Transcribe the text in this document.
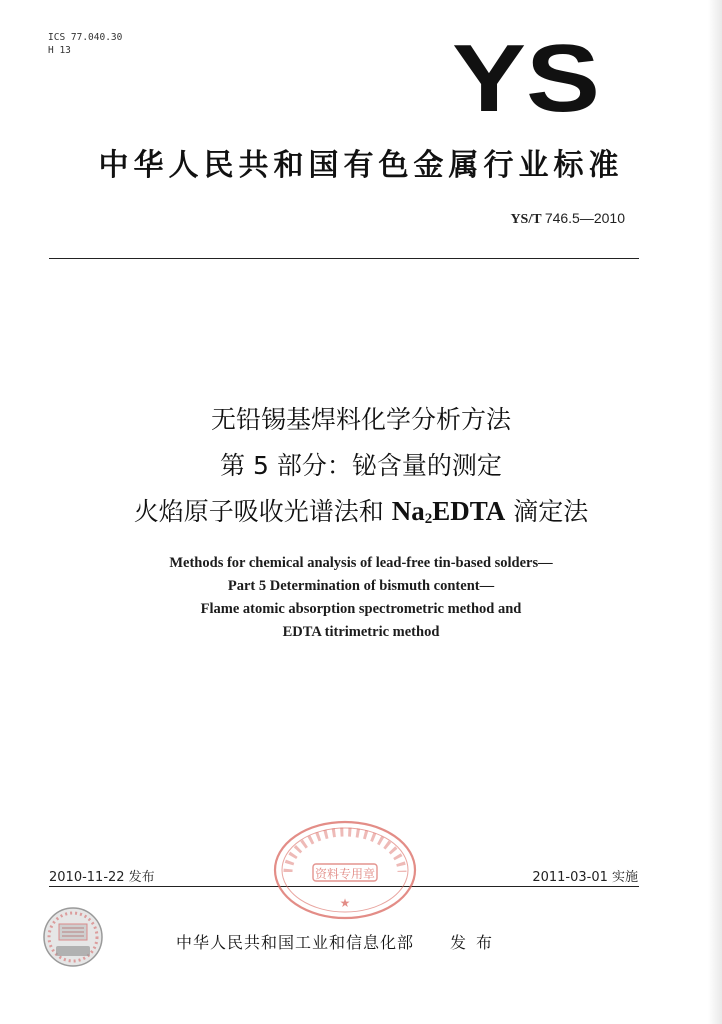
ICS 77.040.30
H 13	YS
中华人民共和国有色金属行业标准
YS/T 746.5—2010
无铅锡基焊料化学分析方法
第 5 部分：铋含量的测定
火焰原子吸收光谱法和 $Na_2EDTA$ 滴定法
Methods for chemical analysis of lead-free tin-based solders—
Part 5 Determination of bismuth content—
Flame atomic absorption spectrometric method and
EDTA titrimetric method
2010-11-22 发布	2011-03-01 实施
资料专用章
★
中华人民共和国工业和信息化部 发布
